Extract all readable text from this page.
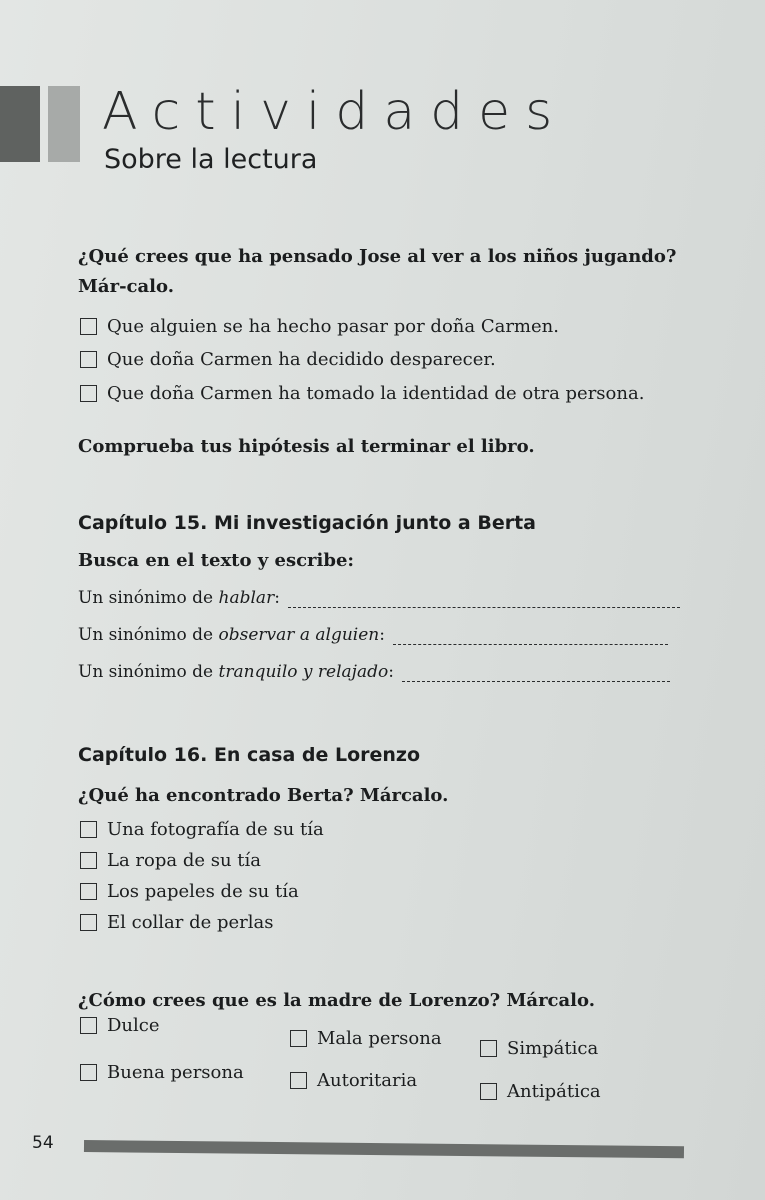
Actividades
Sobre la lectura
¿Qué crees que ha pensado Jose al ver a los niños jugando? Már-calo.
Que alguien se ha hecho pasar por doña Carmen.
Que doña Carmen ha decidido desparecer.
Que doña Carmen ha tomado la identidad de otra persona.
Comprueba tus hipótesis al terminar el libro.
Capítulo 15. Mi investigación junto a Berta
Busca en el texto y escribe:
Un sinónimo de
hablar :
Un sinónimo de
observar a alguien :
Un sinónimo de
tranquilo y relajado :
Capítulo 16. En casa de Lorenzo
¿Qué ha encontrado Berta? Márcalo.
Una fotografía de su tía
La ropa de su tía
Los papeles de su tía
El collar de perlas
¿Cómo crees que es la madre de Lorenzo? Márcalo.
Dulce
Mala persona	Simpática
Buena persona	Autoritaria
Antipática
54
